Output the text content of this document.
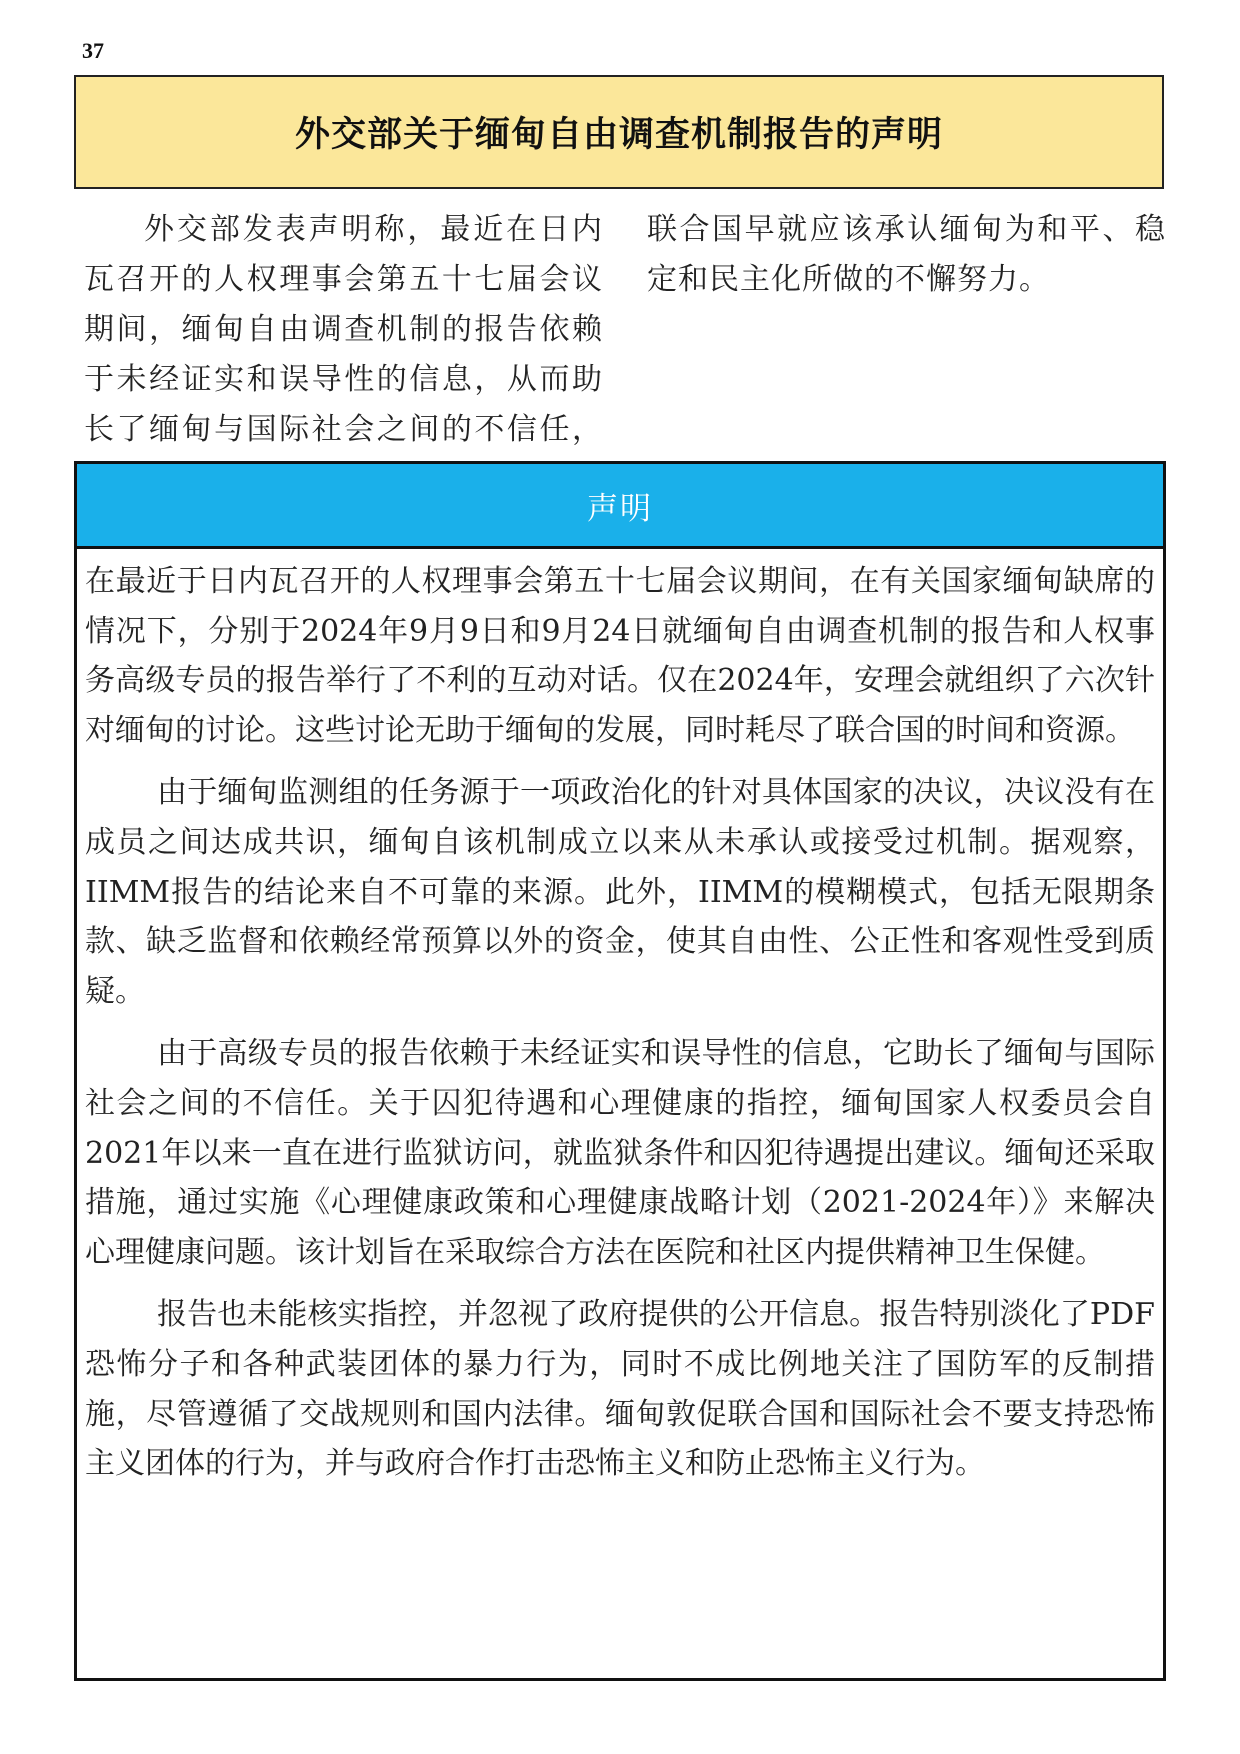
37
外交部关于缅甸自由调查机制报告的声明

外交部发表声明称，最近在日内瓦召开的人权理事会第五十七届会议期间，缅甸自由调查机制的报告依赖于未经证实和误导性的信息，从而助长了缅甸与国际社会之间的不信任，联合国早就应该承认缅甸为和平、稳定和民主化所做的不懈努力。

声明

在最近于日内瓦召开的人权理事会第五十七届会议期间，在有关国家缅甸缺席的情况下，分别于2024年9月9日和9月24日就缅甸自由调查机制的报告和人权事务高级专员的报告举行了不利的互动对话。仅在2024年，安理会就组织了六次针对缅甸的讨论。这些讨论无助于缅甸的发展，同时耗尽了联合国的时间和资源。

由于缅甸监测组的任务源于一项政治化的针对具体国家的决议，决议没有在成员之间达成共识，缅甸自该机制成立以来从未承认或接受过机制。据观察，IIMM报告的结论来自不可靠的来源。此外，IIMM的模糊模式，包括无限期条款、缺乏监督和依赖经常预算以外的资金，使其自由性、公正性和客观性受到质疑。

由于高级专员的报告依赖于未经证实和误导性的信息，它助长了缅甸与国际社会之间的不信任。关于囚犯待遇和心理健康的指控，缅甸国家人权委员会自2021年以来一直在进行监狱访问，就监狱条件和囚犯待遇提出建议。缅甸还采取措施，通过实施《心理健康政策和心理健康战略计划（2021-2024年）》来解决心理健康问题。该计划旨在采取综合方法在医院和社区内提供精神卫生保健。

报告也未能核实指控，并忽视了政府提供的公开信息。报告特别淡化了PDF恐怖分子和各种武装团体的暴力行为，同时不成比例地关注了国防军的反制措施，尽管遵循了交战规则和国内法律。缅甸敦促联合国和国际社会不要支持恐怖主义团体的行为，并与政府合作打击恐怖主义和防止恐怖主义行为。
